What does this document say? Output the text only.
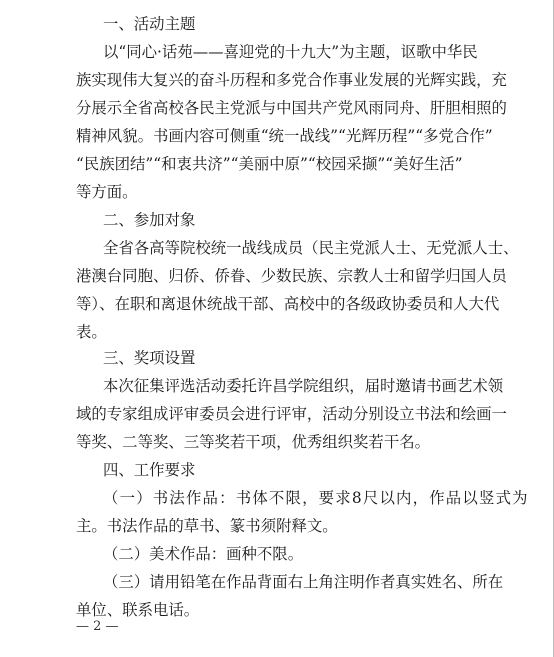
一、活动主题
以“同心·话苑——喜迎党的十九大”为主题，讴歌中华民
族实现伟大复兴的奋斗历程和多党合作事业发展的光辉实践，充
分展示全省高校各民主党派与中国共产党风雨同舟、肝胆相照的
精神风貌。书画内容可侧重“统一战线”“光辉历程”“多党合作”
“民族团结”“和衷共济”“美丽中原”“校园采撷”“美好生活”
等方面。
二、参加对象
全省各高等院校统一战线成员（民主党派人士、无党派人士、
港澳台同胞、归侨、侨眷、少数民族、宗教人士和留学归国人员
等）、在职和离退休统战干部、高校中的各级政协委员和人大代
表。
三、奖项设置
本次征集评选活动委托许昌学院组织，届时邀请书画艺术领
域的专家组成评审委员会进行评审，活动分别设立书法和绘画一
等奖、二等奖、三等奖若干项，优秀组织奖若干名。
四、工作要求
（一）书法作品：书体不限，要求8尺以内，作品以竖式为
主。书法作品的草书、篆书须附释文。
（二）美术作品：画种不限。
（三）请用铅笔在作品背面右上角注明作者真实姓名、所在
单位、联系电话。
— 2 —
